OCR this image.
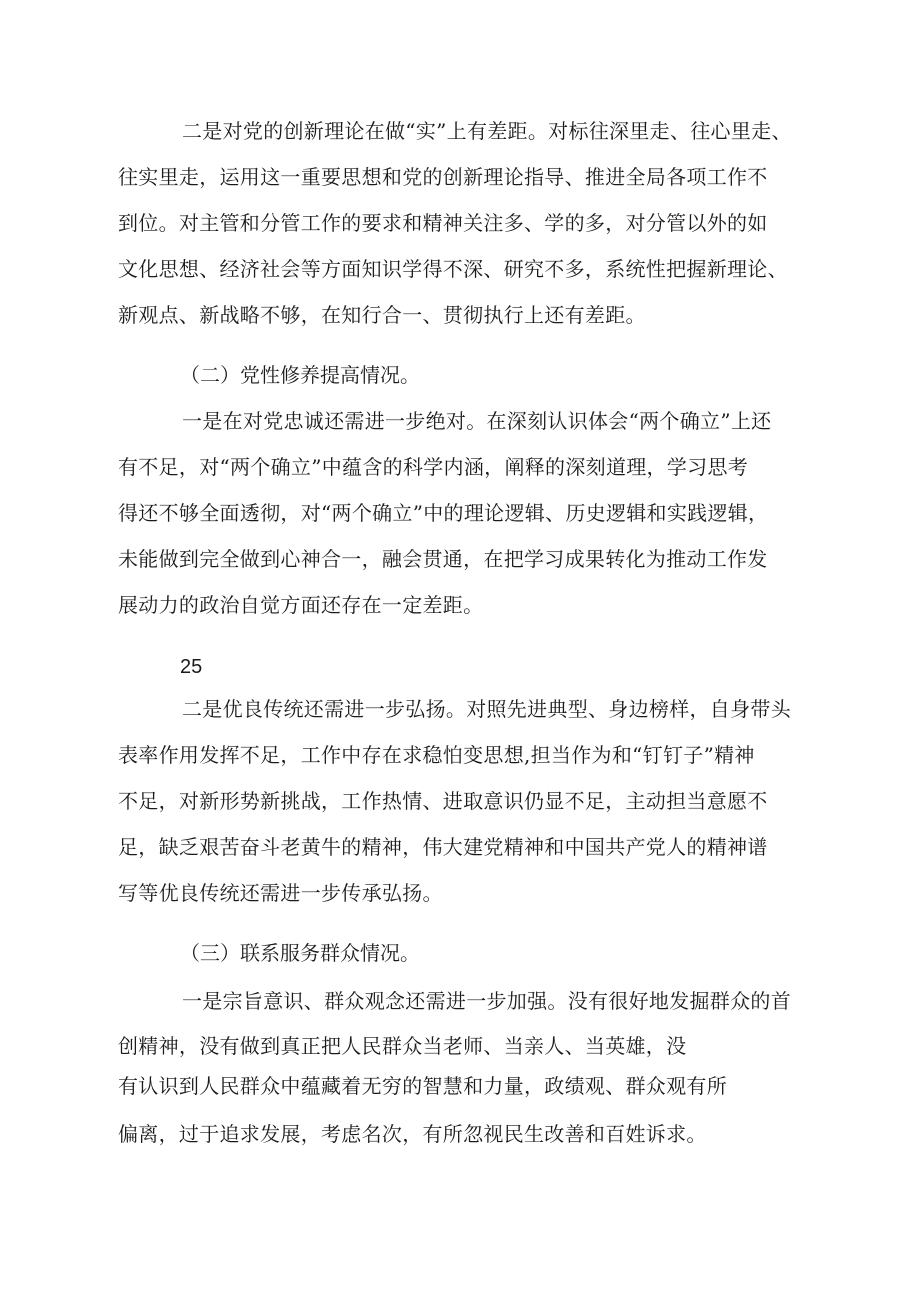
二是对党的创新理论在做“实”上有差距。对标往深里走、往心里走、
往实里走，运用这一重要思想和党的创新理论指导、推进全局各项工作不
到位。对主管和分管工作的要求和精神关注多、学的多，对分管以外的如
文化思想、经济社会等方面知识学得不深、研究不多，系统性把握新理论、
新观点、新战略不够，在知行合一、贯彻执行上还有差距。

（二）党性修养提高情况。

一是在对党忠诚还需进一步绝对。在深刻认识体会“两个确立”上还
有不足，对“两个确立”中蕴含的科学内涵，阐释的深刻道理，学习思考
得还不够全面透彻，对“两个确立”中的理论逻辑、历史逻辑和实践逻辑，
未能做到完全做到心神合一，融会贯通，在把学习成果转化为推动工作发
展动力的政治自觉方面还存在一定差距。

25

二是优良传统还需进一步弘扬。对照先进典型、身边榜样，自身带头
表率作用发挥不足，工作中存在求稳怕变思想,担当作为和“钉钉子”精神
不足，对新形势新挑战，工作热情、进取意识仍显不足，主动担当意愿不
足，缺乏艰苦奋斗老黄牛的精神，伟大建党精神和中国共产党人的精神谱
写等优良传统还需进一步传承弘扬。

（三）联系服务群众情况。

一是宗旨意识、群众观念还需进一步加强。没有很好地发掘群众的首
创精神，没有做到真正把人民群众当老师、当亲人、当英雄，没
有认识到人民群众中蕴藏着无穷的智慧和力量，政绩观、群众观有所
偏离，过于追求发展，考虑名次，有所忽视民生改善和百姓诉求。
